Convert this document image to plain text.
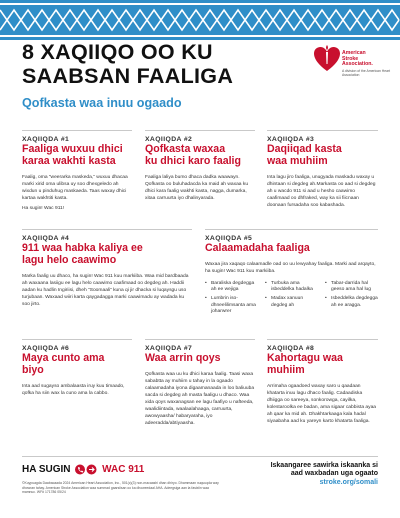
American
Stroke
Association.
A division of the American Heart Association
8 XAQIIQO OO KU
SAABSAN FAALIGA
Qofkasta waa inuu ogaado
XAQIIQDA #1
Faaliga wuxuu dhici
karaa wakhti kasta

Faalig, oma “weerarka maskeda,” wuxuu dhacaa marki xirid oma ulibsa uy soo dhexgeledo ah wixdun u pinduhug maskaeda. Taas waxay dhici kartaa wakhtiti kasta.

Ha sugin! Wac 911!

XAQIIQDA #2
Qofkasta waxaa
ku dhici karo faalig

Faaliga laliya bumo dhaca dadka waawayn. Qofkasta oo buluhadacda ka maid ah waxaa ku dhici kara faalig wakhti kasta, nagga, dumarka, xitaa carruurta iyo dhalinyarada.

XAQIIQDA #3
Daqiiqad kasta
waa muhiim

Inta lagu jiro faaliga, unugyada maskadu waxay u dhintaan si degdeg ah.Markasta oo aad si degdeg ah u wacdo 911 si aad u hesho caawimo caafimaad oo dhfraked, way ka sii fiicnaan doonaan fursadaha soo kabashada.

XAQIIQDA #4
911 waa habka kaliya ee
lagu helo caawimo

Marka faalig uu dhaco, ha sugin! Wac 911 kuu markiiba. Waa mid bardbaada ah waxaana lasiigu ee lagu helo caawimo caafimaad oo degdeg ah. Haddii aadan ku hadlin Ingiriisi, dheh “Soomaali” kuna qi jir dhacka si luqaysgu uso turjubaan. Waxaad wiiri karta qaygadagga marki caawimadu ay wadada ku soo jirto.

XAQIIQDA #5
Calaamadaha faaliga

Waxaa jira xaqaqo calaamadle oad oo uu lewyahay faaliga. Marki aad arqayto, ha sugin! Wac 911 kuu markiiba.

• Baraliska degdegga ah ee wejiga
• Lumbrin iso-dhneelilimsanta ama joharwrer
• Turbuka ama isbeddelka hadalka
• Madax xanuun degdeg ah
• Tabar-darrida hal geeso ama hal lug
• Isbeddelka degdegga ah ee aragga.
XAQIIQDA #6
Maya cunto ama
biyo

Inta aad sugayso ambalaasta iruy kuu timaado, qofka ha siin wax la cuno ama la cabbo.

XAQIIQDA #7
Waa arrin qoys

Qofkasta waa uu ku dhici karaa faalig. Taasi waxa sababtta ay muhiim u tahay in la ogaado calaamadaha iyona digaamanaada in loo baliuuba sacda si degdeg ah masta faaligu u dhaco. Waa xida qoys waxanagsan ee lagu faafiyo u nafteeda, waalidiintada, waalaalahaaga, carruurta, awowyaasha/ habaryaraha, iyo adeeradda/abtiyaasha.

XAQIIQDA #8
Kahortagu waa
muhiim

Arrimaha ogaadoed waxay saro u qaadaan khatarta inuu lagu dhaco faalig. Cadaadiska dhiigga oo sareeya, sonkorowga, cayilka, kolestaroolka ee badan, ama sigaar cabbista ayaa ah qaar ka mid ah. Dhakhtarkaaga kala hadal siyaabaha aad ku yareyn karto khatarta faaliga.

HA SUGIN	WAC 911	Iskaangaree sawirka iskaanka si
aad waxbadan uga ogaato
stroke.org/somali
©Kuypuagda Daabacaada 2024 American Heart Association, Inc., 501(c)(3) non-macaashi dhan dhiryo. Dhammaan xuquuqda way dhowran tahay. American Stroke Association waa summad gaarsiisan oo ka dhoweedaal AHA. Adeegsiga aan la fasixiin waa mamnuc. WF# 171786 05/24
